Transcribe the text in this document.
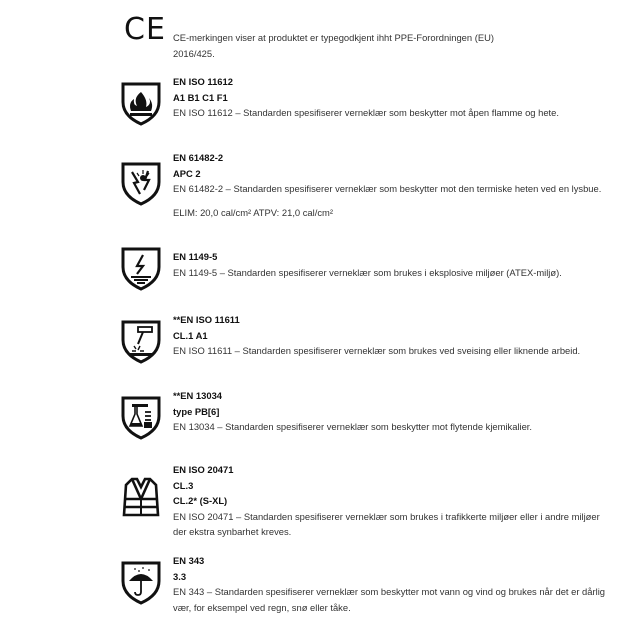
CE CE-merkingen viser at produktet er typegodkjent ihht PPE-Forordningen (EU) 2016/425.
EN ISO 11612
A1 B1 C1 F1
EN ISO 11612 – Standarden spesifiserer verneklær som beskytter mot åpen flamme og hete.
EN 61482-2
APC 2
EN 61482-2 – Standarden spesifiserer verneklær som beskytter mot den termiske heten ved en lysbue.
ELIM: 20,0 cal/cm² ATPV: 21,0 cal/cm²
EN 1149-5
EN 1149-5 – Standarden spesifiserer verneklær som brukes i eksplosive miljøer (ATEX-miljø).
**EN ISO 11611
CL.1 A1
EN ISO 11611 – Standarden spesifiserer verneklær som brukes ved sveising eller liknende arbeid.
**EN 13034
type PB[6]
EN 13034 – Standarden spesifiserer verneklær som beskytter mot flytende kjemikalier.
EN ISO 20471
CL.3
CL.2* (S-XL)
EN ISO 20471 – Standarden spesifiserer verneklær som brukes i trafikkerte miljøer eller i andre miljøer der ekstra synbarhet kreves.
EN 343
3.3
EN 343 – Standarden spesifiserer verneklær som beskytter mot vann og vind og brukes når det er dårlig vær, for eksempel ved regn, snø eller tåke.
